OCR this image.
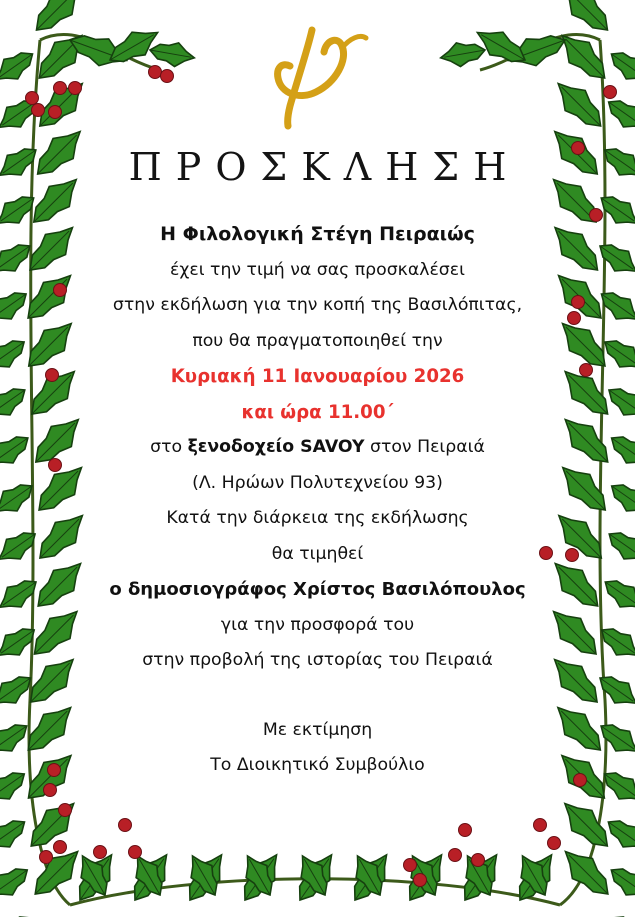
ΠΡΟΣΚΛΗΣΗ
Η Φιλολογική Στέγη Πειραιώς
έχει την τιμή να σας προσκαλέσει
στην εκδήλωση για την κοπή της Βασιλόπιτας,
που θα πραγματοποιηθεί την
Κυριακή 11 Ιανουαρίου 2026
και ώρα 11.00΄
στο ξενοδοχείο SAVOY στον Πειραιά
(Λ. Ηρώων Πολυτεχνείου 93)
Κατά την διάρκεια της εκδήλωσης
θα τιμηθεί
ο δημοσιογράφος Χρίστος Βασιλόπουλος
για την προσφορά του
στην προβολή της ιστορίας του Πειραιά
Με εκτίμηση
Το Διοικητικό Συμβούλιο
